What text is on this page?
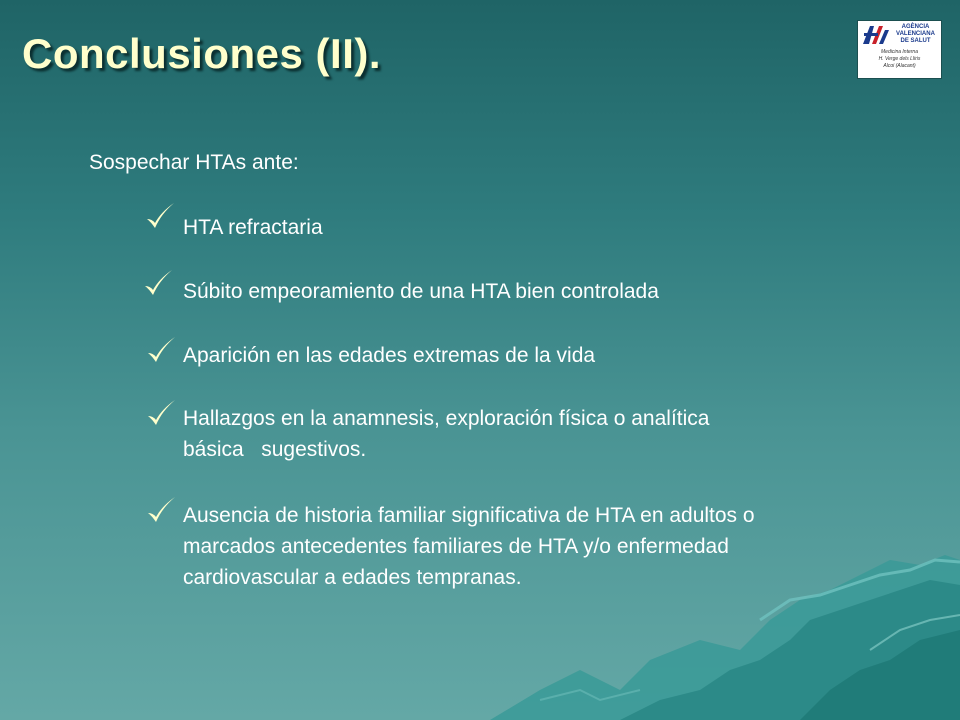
Conclusiones (II).
AGÈNCIA
VALENCIANA
DE SALUT
Medicina Interna
H. Verge dels Lliris
Alcoi (Alacant)
Sospechar HTAs ante:
HTA refractaria
Súbito empeoramiento de una HTA bien controlada
Aparición en las edades extremas de la vida
Hallazgos en la anamnesis, exploración física o analítica
básica   sugestivos.
Ausencia de historia familiar significativa de HTA en adultos o
marcados antecedentes familiares de HTA y/o enfermedad
cardiovascular a edades tempranas.
